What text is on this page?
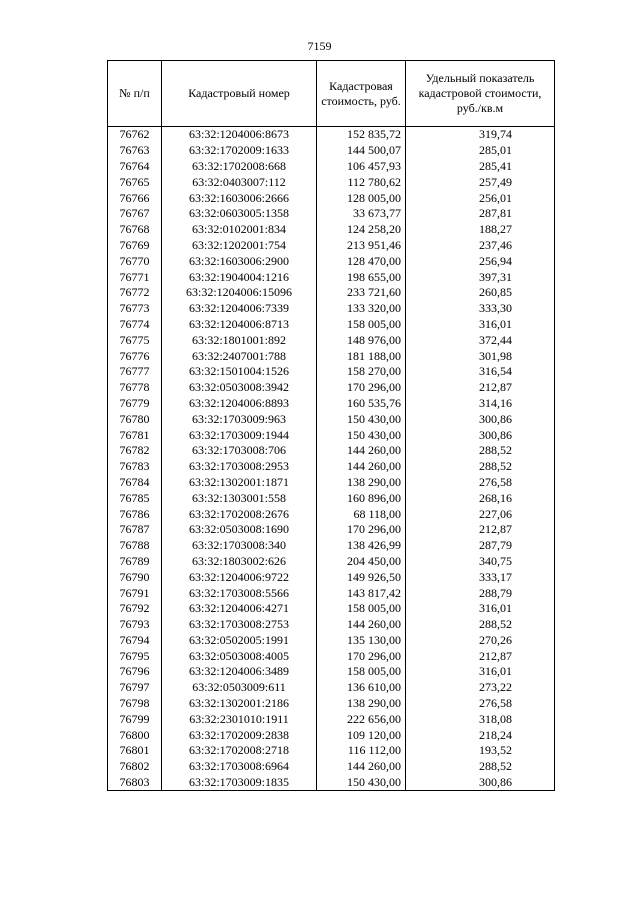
7159
№ п/п	Кадастровый номер	Кадастровая стоимость, руб.	Удельный показатель кадастровой стоимости, руб./кв.м
76762	63:32:1204006:8673	152 835,72	319,74
76763	63:32:1702009:1633	144 500,07	285,01
76764	63:32:1702008:668	106 457,93	285,41
76765	63:32:0403007:112	112 780,62	257,49
76766	63:32:1603006:2666	128 005,00	256,01
76767	63:32:0603005:1358	33 673,77	287,81
76768	63:32:0102001:834	124 258,20	188,27
76769	63:32:1202001:754	213 951,46	237,46
76770	63:32:1603006:2900	128 470,00	256,94
76771	63:32:1904004:1216	198 655,00	397,31
76772	63:32:1204006:15096	233 721,60	260,85
76773	63:32:1204006:7339	133 320,00	333,30
76774	63:32:1204006:8713	158 005,00	316,01
76775	63:32:1801001:892	148 976,00	372,44
76776	63:32:2407001:788	181 188,00	301,98
76777	63:32:1501004:1526	158 270,00	316,54
76778	63:32:0503008:3942	170 296,00	212,87
76779	63:32:1204006:8893	160 535,76	314,16
76780	63:32:1703009:963	150 430,00	300,86
76781	63:32:1703009:1944	150 430,00	300,86
76782	63:32:1703008:706	144 260,00	288,52
76783	63:32:1703008:2953	144 260,00	288,52
76784	63:32:1302001:1871	138 290,00	276,58
76785	63:32:1303001:558	160 896,00	268,16
76786	63:32:1702008:2676	68 118,00	227,06
76787	63:32:0503008:1690	170 296,00	212,87
76788	63:32:1703008:340	138 426,99	287,79
76789	63:32:1803002:626	204 450,00	340,75
76790	63:32:1204006:9722	149 926,50	333,17
76791	63:32:1703008:5566	143 817,42	288,79
76792	63:32:1204006:4271	158 005,00	316,01
76793	63:32:1703008:2753	144 260,00	288,52
76794	63:32:0502005:1991	135 130,00	270,26
76795	63:32:0503008:4005	170 296,00	212,87
76796	63:32:1204006:3489	158 005,00	316,01
76797	63:32:0503009:611	136 610,00	273,22
76798	63:32:1302001:2186	138 290,00	276,58
76799	63:32:2301010:1911	222 656,00	318,08
76800	63:32:1702009:2838	109 120,00	218,24
76801	63:32:1702008:2718	116 112,00	193,52
76802	63:32:1703008:6964	144 260,00	288,52
76803	63:32:1703009:1835	150 430,00	300,86
